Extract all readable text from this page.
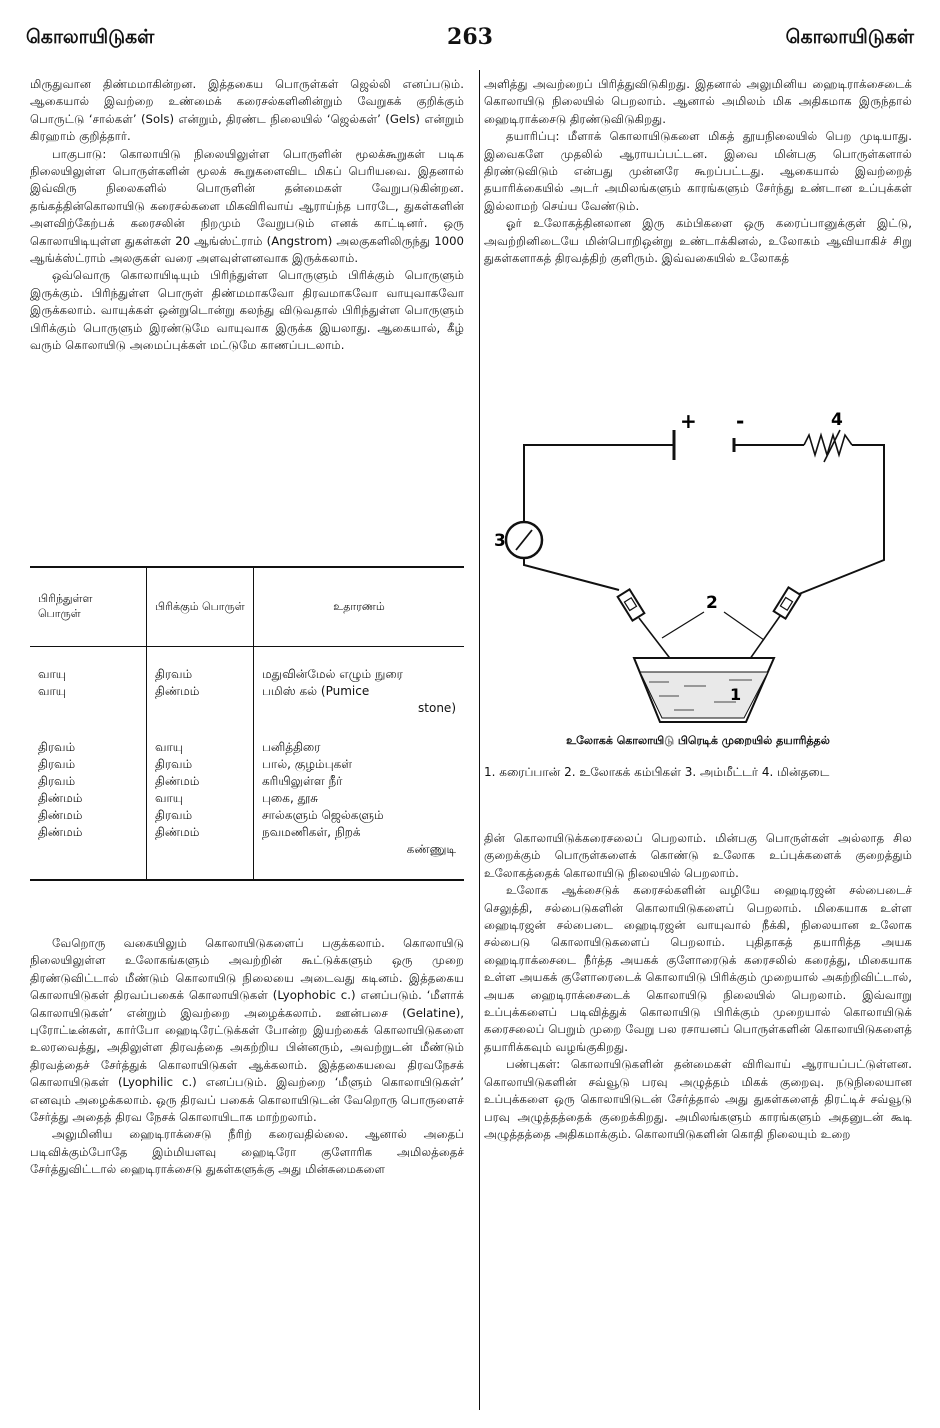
கொலாயிடுகள்	263	கொலாயிடுகள்

மிருதுவான திண்மமாகின்றன. இத்தகைய பொருள்கள் ஜெல்லி எனப்படும். ஆகையால் இவற்றை உண்மைக் கரைசல்களினின்றும் வேறுகக் குறிக்கும் பொருட்டு ‘சால்கள்’ (Sols) என்றும், திரண்ட நிலையில் ‘ஜெல்கள்’ (Gels) என்றும் கிரஹாம் குறித்தார்.

பாகுபாடு: கொலாயிடு நிலையிலுள்ள பொருளின் மூலக்கூறுகள் படிக நிலையிலுள்ள பொருள்களின் மூலக் கூறுகளைவிட மிகப் பெரியவை. இதனால் இவ்விரு நிலைகளில் பொருளின் தன்மைகள் வேறுபடுகின்றன. தங்கத்தின்கொலாயிடு கரைசல்களை மிகவிரிவாய் ஆராய்ந்த பாரடே, துகள்களின் அளவிற்கேற்பக் கரைசலின் நிறமும் வேறுபடும் எனக் காட்டினர். ஒரு கொலாயிடியுள்ள துகள்கள் 20 ஆங்ஸ்ட்ராம் (Angstrom) அலகுகளிலிருந்து 1000 ஆங்க்ஸ்ட்ராம் அலகுகள் வரை அளவுள்ளனவாக இருக்கலாம்.

ஒவ்வொரு கொலாயிடியும் பிரிந்துள்ள பொருளும் பிரிக்கும் பொருளும் இருக்கும். பிரிந்துள்ள பொருள் திண்மமாகவோ திரவமாகவோ வாயுவாகவோ இருக்கலாம். வாயுக்கள் ஒன்றுடொன்று கலந்து விடுவதால் பிரிந்துள்ள பொருளும் பிரிக்கும் பொருளும் இரண்டுமே வாயுவாக இருக்க இயலாது. ஆகையால், கீழ் வரும் கொலாயிடு அமைப்புக்கள் மட்டுமே காணப்படலாம்.

பிரிந்துள்ள பொருள்	பிரிக்கும் பொருள்	உதாரணம்

வாயு	திரவம்	மதுவின்மேல் எழும் நுரை
வாயு	திண்மம்	பமிஸ் கல் (Pumice
		stone)

திரவம்	வாயு	பனித்திரை
திரவம்	திரவம்	பால், குழம்புகள்
திரவம்	திண்மம்	கரியிலுள்ள நீர்
திண்மம்	வாயு	புகை, தூசு
திண்மம்	திரவம்	சால்களும் ஜெல்களும்
திண்மம்	திண்மம்	நவமணிகள், நிறக்
		கண்ணுடி

வேறொரு வகையிலும் கொலாயிடுகளைப் பகுக்கலாம். கொலாயிடு நிலையிலுள்ள உலோகங்களும் அவற்றின் கூட்டுக்களும் ஒரு முறை திரண்டுவிட்டால் மீண்டும் கொலாயிடு நிலையை அடைவது கடினம். இத்தகைய கொலாயிடுகள் திரவப்பகைக் கொலாயிடுகள் (Lyophobic c.) எனப்படும். ‘மீளாக் கொலாயிடுகள்’ என்றும் இவற்றை அழைக்கலாம். ஊன்பசை (Gelatine), புரோட்டீன்கள், கார்போ ஹைடிரேட்டுக்கள் போன்ற இயற்கைக் கொலாயிடுகளை உலரவைத்து, அதிலுள்ள திரவத்தை அகற்றிய பின்னரும், அவற்றுடன் மீண்டும் திரவத்தைச் சேர்த்துக் கொலாயிடுகள் ஆக்கலாம். இத்தகையவை திரவநேசக் கொலாயிடுகள் (Lyophilic c.) எனப்படும். இவற்றை ‘மீளும் கொலாயிடுகள்’ எனவும் அழைக்கலாம். ஒரு திரவப் பகைக் கொலாயிடுடன் வேறொரு பொருளைச் சேர்த்து அதைத் திரவ நேசக் கொலாயிடாக மாற்றலாம்.

அலுமினிய ஹைடிராக்சைடு நீரிற் கரைவதில்லை. ஆனால் அதைப் படிவிக்கும்போதே இம்மியளவு ஹைடிரோ குளோரிக அமிலத்தைச் சேர்த்துவிட்டால் ஹைடிராக்சைடு துகள்களுக்கு அது மின்சுமைகளை

அளித்து அவற்றைப் பிரித்துவிடுகிறது. இதனால் அலுமினிய ஹைடிராக்சைடைக் கொலாயிடு நிலையில் பெறலாம். ஆனால் அமிலம் மிக அதிகமாக இருந்தால் ஹைடிராக்சைடு திரண்டுவிடுகிறது.

தயாரிப்பு: மீளாக் கொலாயிடுகளை மிகத் தூயநிலையில் பெற முடியாது. இவைகளே முதலில் ஆராயப்பட்டன. இவை மின்பகு பொருள்களால் திரண்டுவிடும் என்பது முன்னரே கூறப்பட்டது. ஆகையால் இவற்றைத் தயாரிக்கையில் அடர் அமிலங்களும் காரங்களும் சேர்ந்து உண்டான உப்புக்கள் இல்லாமற் செய்ய வேண்டும்.

ஓர் உலோகத்தினலான இரு கம்பிகளை ஒரு கரைப்பானுக்குள் இட்டு, அவற்றினிடையே மின்பொறிஒன்று உண்டாக்கினல், உலோகம் ஆவியாகிச் சிறு துகள்களாகத் திரவத்திற் குளிரும். இவ்வகையில் உலோகத்

+ -	4
3
2
1
உலோகக் கொலாயிடு பிரெடிக் முறையில் தயாரித்தல்
1. கரைப்பான் 2. உலோகக் கம்பிகள் 3. அம்மீட்டர் 4. மின்தடை

தின் கொலாயிடுக்கரைசலைப் பெறலாம். மின்பகு பொருள்கள் அல்லாத சில குறைக்கும் பொருள்களைக் கொண்டு உலோக உப்புக்களைக் குறைத்தும் உலோகத்தைக் கொலாயிடு நிலையில் பெறலாம்.

உலோக ஆக்சைடுக் கரைசல்களின் வழியே ஹைடிரஜன் சல்பைடைச் செலுத்தி, சல்பைடுகளின் கொலாயிடுகளைப் பெறலாம். மிகையாக உள்ள ஹைடிரஜன் சல்பைடை ஹைடிரஜன் வாயுவால் நீக்கி, நிலையான உலோக சல்பைடு கொலாயிடுகளைப் பெறலாம். புதிதாகத் தயாரித்த அயக ஹைடிராக்சைடை நீர்த்த அயகக் குளோரைடுக் கரைசலில் கரைத்து, மிகையாக உள்ள அயகக் குளோரைடைக் கொலாயிடு பிரிக்கும் முறையால் அகற்றிவிட்டால், அயக ஹைடிராக்சைடைக் கொலாயிடு நிலையில் பெறலாம். இவ்வாறு உப்புக்களைப் படிவித்துக் கொலாயிடு பிரிக்கும் முறையால் கொலாயிடுக் கரைசலைப் பெறும் முறை வேறு பல ரசாயனப் பொருள்களின் கொலாயிடுகளைத் தயாரிக்கவும் வழங்குகிறது.

பண்புகள்: கொலாயிடுகளின் தன்மைகள் விரிவாய் ஆராயப்பட்டுள்ளன. கொலாயிடுகளின் சவ்வூடு பரவு அழுத்தம் மிகக் குறைவு. நடுநிலையான உப்புக்களை ஒரு கொலாயிடுடன் சேர்த்தால் அது துகள்களைத் திரட்டிச் சவ்வூடு பரவு அழுத்தத்தைக் குறைக்கிறது. அமிலங்களும் காரங்களும் அதனுடன் கூடி அழுத்தத்தை அதிகமாக்கும். கொலாயிடுகளின் கொதி நிலையும் உறை
